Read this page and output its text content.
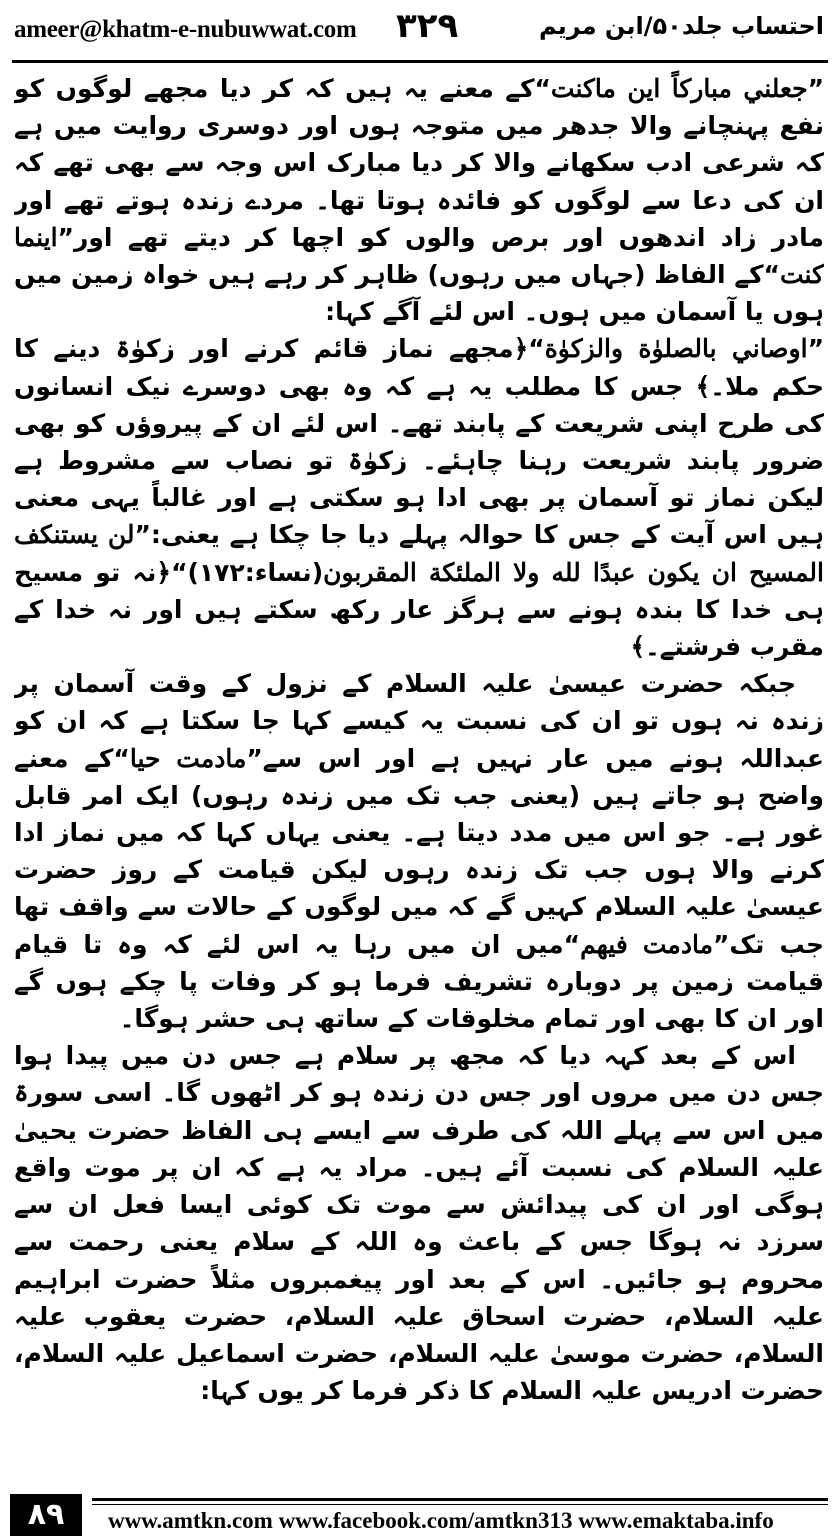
ameer@khatm-e-nubuwwat.com ۳۲۹	احتساب جلد۵۰/ابن مریم

”جعلني مباركاً اين ماكنت“کے معنے یہ ہیں کہ کر دیا مجھے لوگوں کو نفع پہنچانے والا جدھر میں متوجہ ہوں اور دوسری روایت میں ہے کہ شرعی ادب سکھانے والا کر دیا مبارک اس وجہ سے بھی تھے کہ ان کی دعا سے لوگوں کو فائدہ ہوتا تھا۔ مردے زندہ ہوتے تھے اور مادر زاد اندھوں اور برص والوں کو اچھا کر دیتے تھے اور”اینما کنت“کے الفاظ (جہاں میں رہوں) ظاہر کر رہے ہیں خواہ زمین میں ہوں یا آسمان میں ہوں۔ اس لئے آگے کہا:

”اوصاني بالصلوٰة والزكوٰة“﴿مجھے نماز قائم کرنے اور زکوٰۃ دینے کا حکم ملا۔﴾ جس کا مطلب یہ ہے کہ وہ بھی دوسرے نیک انسانوں کی طرح اپنی شریعت کے پابند تھے۔ اس لئے ان کے پیروؤں کو بھی ضرور پابند شریعت رہنا چاہئے۔ زکوٰۃ تو نصاب سے مشروط ہے لیکن نماز تو آسمان پر بھی ادا ہو سکتی ہے اور غالباً یہی معنی ہیں اس آیت کے جس کا حوالہ پہلے دیا جا چکا ہے یعنی:”لن يستنكف المسيح ان يكون عبدًا لله ولا الملئكة المقربون(نساء:۱۷۲)“﴿نہ تو مسیح ہی خدا کا بندہ ہونے سے ہرگز عار رکھ سکتے ہیں اور نہ خدا کے مقرب فرشتے۔﴾

جبکہ حضرت عیسیٰ علیہ السلام کے نزول کے وقت آسمان پر زندہ نہ ہوں تو ان کی نسبت یہ کیسے کہا جا سکتا ہے کہ ان کو عبداللہ ہونے میں عار نہیں ہے اور اس سے”مادمت حيا“کے معنے واضح ہو جاتے ہیں (یعنی جب تک میں زندہ رہوں) ایک امر قابل غور ہے۔ جو اس میں مدد دیتا ہے۔ یعنی یہاں کہا کہ میں نماز ادا کرنے والا ہوں جب تک زندہ رہوں لیکن قیامت کے روز حضرت عیسیٰ علیہ السلام کہیں گے کہ میں لوگوں کے حالات سے واقف تھا جب تک”مادمت فيهم“میں ان میں رہا یہ اس لئے کہ وہ تا قیام قیامت زمین پر دوبارہ تشریف فرما ہو کر وفات پا چکے ہوں گے اور ان کا بھی اور تمام مخلوقات کے ساتھ ہی حشر ہوگا۔

اس کے بعد کہہ دیا کہ مجھ پر سلام ہے جس دن میں پیدا ہوا جس دن میں مروں اور جس دن زندہ ہو کر اٹھوں گا۔ اسی سورۃ میں اس سے پہلے اللہ کی طرف سے ایسے ہی الفاظ حضرت یحییٰ علیہ السلام کی نسبت آئے ہیں۔ مراد یہ ہے کہ ان پر موت واقع ہوگی اور ان کی پیدائش سے موت تک کوئی ایسا فعل ان سے سرزد نہ ہوگا جس کے باعث وہ اللہ کے سلام یعنی رحمت سے محروم ہو جائیں۔ اس کے بعد اور پیغمبروں مثلاً حضرت ابراہیم علیہ السلام، حضرت اسحاق علیہ السلام، حضرت یعقوب علیہ السلام، حضرت موسیٰ علیہ السلام، حضرت اسماعیل علیہ السلام، حضرت ادریس علیہ السلام کا ذکر فرما کر یوں کہا:

۸۹	www.amtkn.com www.facebook.com/amtkn313 www.emaktaba.info
